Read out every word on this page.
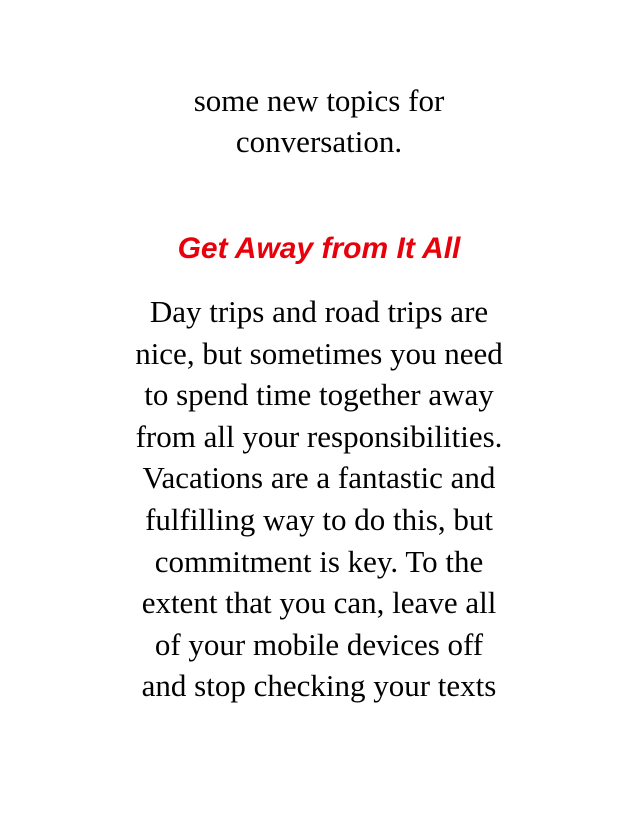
some new topics for
conversation.
Get Away from It All
Day trips and road trips are
nice, but sometimes you need
to spend time together away
from all your responsibilities.
Vacations are a fantastic and
fulfilling way to do this, but
commitment is key. To the
extent that you can, leave all
of your mobile devices off
and stop checking your texts
